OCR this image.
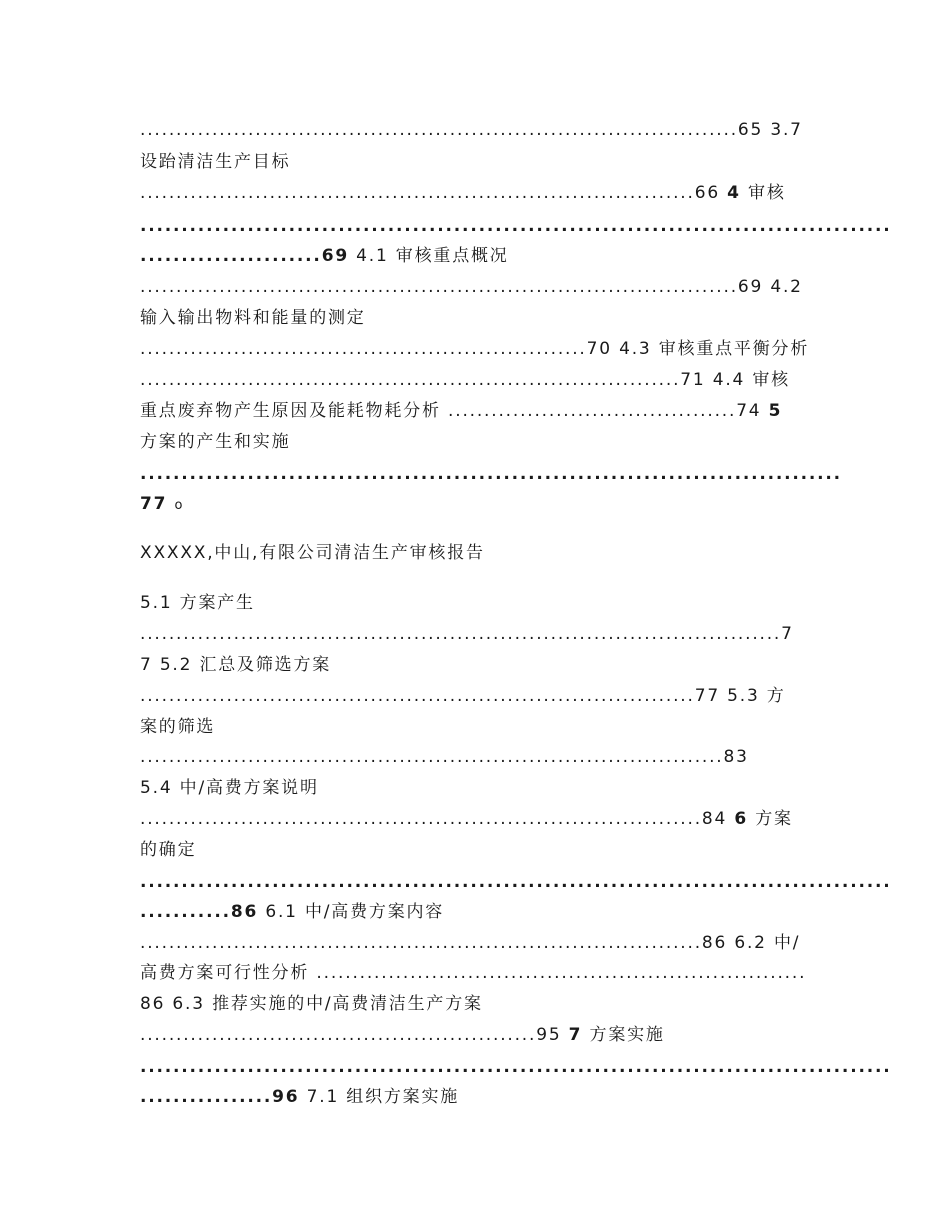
...................................................................................65 3.7
设跆清洁生产目标
.............................................................................66 4 审核
...........................................................................................
......................69 4.1 审核重点概况
...................................................................................69 4.2
输入输出物料和能量的测定
..............................................................70 4.3 审核重点平衡分析
...........................................................................71 4.4 审核
重点废弃物产生原因及能耗物耗分析 ........................................74 5
方案的产生和实施
.....................................................................................
77 o
XXXXX,中山,有限公司清洁生产审核报告
5.1 方案产生
.........................................................................................7
7 5.2 汇总及筛选方案
.............................................................................77 5.3 方
案的筛选
.................................................................................83
5.4 中/高费方案说明
..............................................................................84 6 方案
的确定
...........................................................................................
...........86 6.1 中/高费方案内容
..............................................................................86 6.2 中/
高费方案可行性分析 ....................................................................
86 6.3 推荐实施的中/高费清洁生产方案
.......................................................95 7 方案实施
...........................................................................................
................96 7.1 组织方案实施
